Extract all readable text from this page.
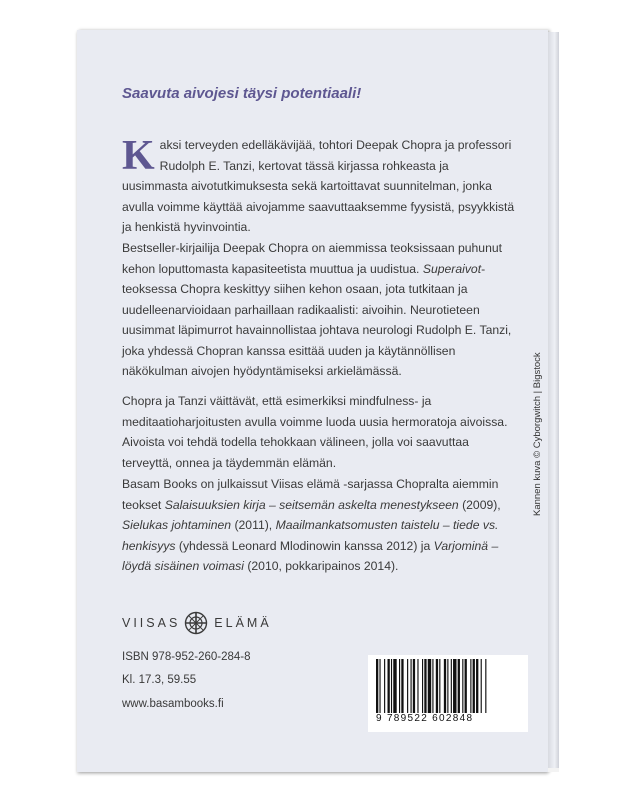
Saavuta aivojesi täysi potentiaali!

Kaksi terveyden edelläkävijää, tohtori Deepak Chopra ja professori Rudolph E. Tanzi, kertovat tässä kirjassa rohkeasta ja uusimmasta aivotutkimuksesta sekä kartoittavat suunnitelman, jonka avulla voimme käyttää aivojamme saavuttaaksemme fyysistä, psyykkistä ja henkistä hyvinvointia.

Bestseller-kirjailija Deepak Chopra on aiemmissa teoksissaan puhunut kehon loputtomasta kapasiteetista muuttua ja uudistua. Superaivot-teoksessa Chopra keskittyy siihen kehon osaan, jota tutkitaan ja uudelleenarvioidaan parhaillaan radikaalisti: aivoihin. Neurotieteen uusimmat läpimurrot havainnollistaa johtava neurologi Rudolph E. Tanzi, joka yhdessä Chopran kanssa esittää uuden ja käytännöllisen näkökulman aivojen hyödyntämiseksi arkielämässä.

Chopra ja Tanzi väittävät, että esimerkiksi mindfulness- ja meditaatioharjoitusten avulla voimme luoda uusia hermoratoja aivoissa. Aivoista voi tehdä todella tehokkaan välineen, jolla voi saavuttaa terveyttä, onnea ja täydemmän elämän.

Basam Books on julkaissut Viisas elämä -sarjassa Chopralta aiemmin teokset Salaisuuksien kirja – seitsemän askelta menestykseen (2009), Sielukas johtaminen (2011), Maailmankatsomusten taistelu – tiede vs. henkisyys (yhdessä Leonard Mlodinowin kanssa 2012) ja Varjominä – löydä sisäinen voimasi (2010, pokkaripainos 2014).

VIISAS	ELÄMÄ
ISBN 978-952-260-284-8
Kl. 17.3, 59.55
www.basambooks.fi
Kannen kuva © Cyborgwitch | Bigstock
9 789522 602848
